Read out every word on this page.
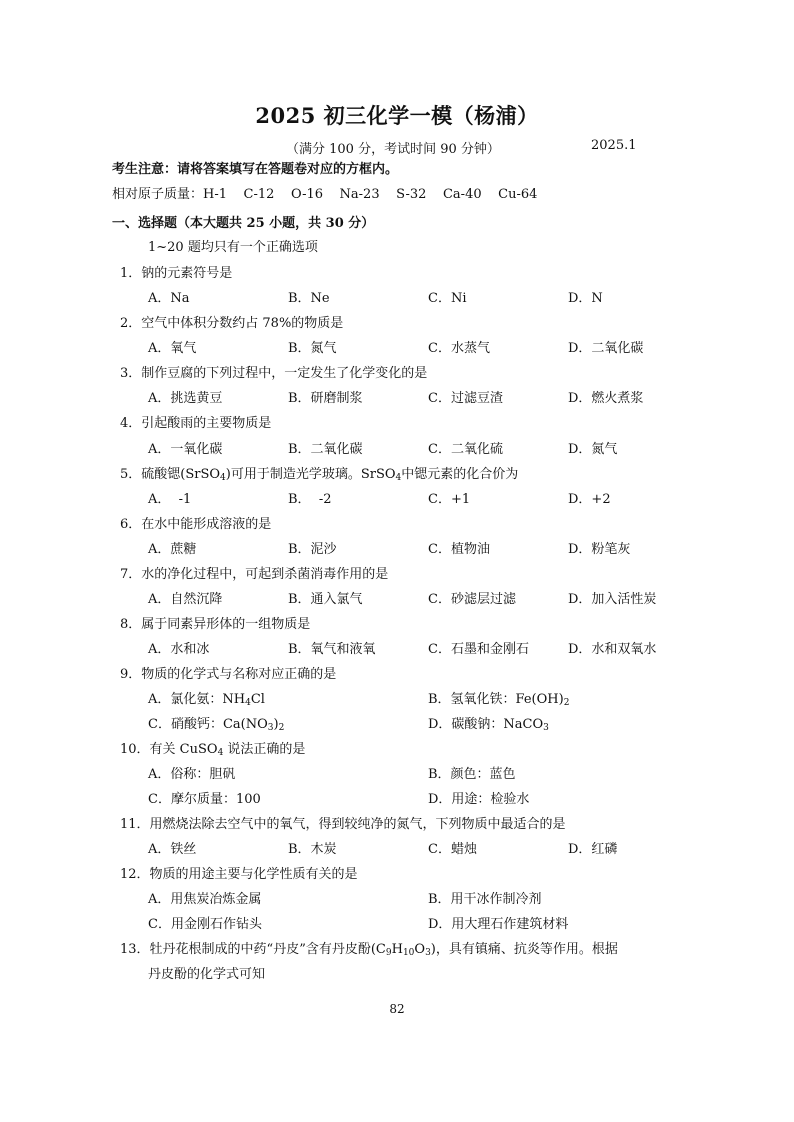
2025 初三化学一模（杨浦）
（满分 100 分，考试时间 90 分钟）	2025.1
考生注意：请将答案填写在答题卷对应的方框内。
相对原子质量：H-1    C-12    O-16    Na-23    S-32    Ca-40    Cu-64
一、选择题（本大题共 25 小题，共 30 分）
1~20 题均只有一个正确选项
1．钠的元素符号是
A．Na	B．Ne	C．Ni	D．N
2．空气中体积分数约占 78%的物质是
A．氧气	B．氮气	C．水蒸气	D．二氧化碳
3．制作豆腐的下列过程中，一定发生了化学变化的是
A．挑选黄豆	B．研磨制浆	C．过滤豆渣	D．燃火煮浆
4．引起酸雨的主要物质是
A．一氧化碳	B．二氧化碳	C．二氧化硫	D．氮气
5．硫酸锶(SrSO4)可用于制造光学玻璃。SrSO4中锶元素的化合价为
A．  -1	B．  -2	C．+1	D．+2
6．在水中能形成溶液的是
A．蔗糖	B．泥沙	C．植物油	D．粉笔灰
7．水的净化过程中，可起到杀菌消毒作用的是
A．自然沉降	B．通入氯气	C．砂滤层过滤	D．加入活性炭
8．属于同素异形体的一组物质是
A．水和冰	B．氧气和液氧	C．石墨和金刚石	D．水和双氧水
9．物质的化学式与名称对应正确的是
A．氯化氨：NH4Cl	B．氢氧化铁：Fe(OH)2
C．硝酸钙：Ca(NO3)2	D．碳酸钠：NaCO3
10．有关 CuSO4 说法正确的是
A．俗称：胆矾	B．颜色：蓝色
C．摩尔质量：100	D．用途：检验水
11．用燃烧法除去空气中的氧气，得到较纯净的氮气，下列物质中最适合的是
A．铁丝	B．木炭	C．蜡烛	D．红磷
12．物质的用途主要与化学性质有关的是
A．用焦炭冶炼金属	B．用干冰作制冷剂
C．用金刚石作钻头	D．用大理石作建筑材料
13．牡丹花根制成的中药“丹皮”含有丹皮酚(C9H10O3)，具有镇痛、抗炎等作用。根据
丹皮酚的化学式可知
82
